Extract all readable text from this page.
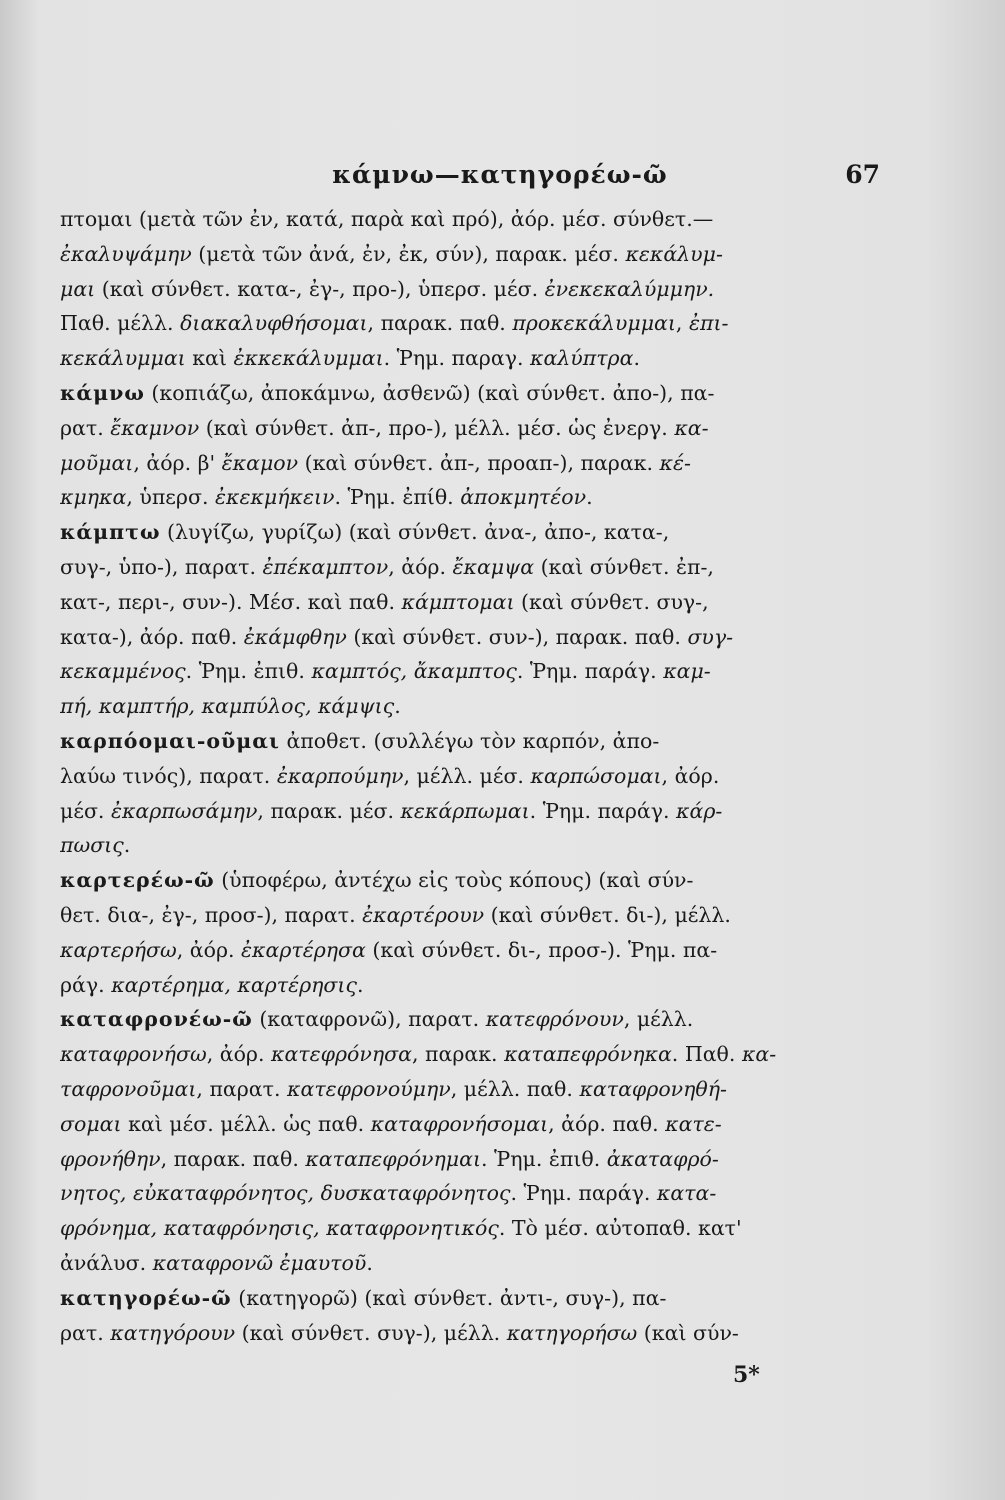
κάμνω—κατηγορέω-ῶ	67
πτομαι (μετὰ τῶν ἐν, κατά, παρὰ καὶ πρό), ἀόρ. μέσ. σύνθετ.—
ἐκαλυψάμην (μετὰ τῶν ἀνά, ἐν, ἐκ, σύν), παρακ. μέσ. κεκάλυμ-
μαι (καὶ σύνθετ. κατα-, ἐγ-, προ-), ὑπερσ. μέσ. ἐνεκεκαλύμμην.
Παθ. μέλλ. διακαλυφθήσομαι, παρακ. παθ. προκεκάλυμμαι, ἐπι-
κεκάλυμμαι καὶ ἐκκεκάλυμμαι. Ῥημ. παραγ. καλύπτρα.
κάμνω (κοπιάζω, ἀποκάμνω, ἀσθενῶ) (καὶ σύνθετ. ἀπο-), πα-
ρατ. ἔκαμνον (καὶ σύνθετ. ἀπ-, προ-), μέλλ. μέσ. ὡς ἐνεργ. κα-
μοῦμαι, ἀόρ. β' ἔκαμον (καὶ σύνθετ. ἀπ-, προαπ-), παρακ. κέ-
κμηκα, ὑπερσ. ἐκεκμήκειν. Ῥημ. ἐπίθ. ἀποκμητέον.
κάμπτω (λυγίζω, γυρίζω) (καὶ σύνθετ. ἀνα-, ἀπο-, κατα-,
συγ-, ὑπο-), παρατ. ἐπέκαμπτον, ἀόρ. ἔκαμψα (καὶ σύνθετ. ἐπ-,
κατ-, περι-, συν-). Μέσ. καὶ παθ. κάμπτομαι (καὶ σύνθετ. συγ-,
κατα-), ἀόρ. παθ. ἐκάμφθην (καὶ σύνθετ. συν-), παρακ. παθ. συγ-
κεκαμμένος. Ῥημ. ἐπιθ. καμπτός, ἄκαμπτος. Ῥημ. παράγ. καμ-
πή, καμπτήρ, καμπύλος, κάμψις.
καρπόομαι-οῦμαι ἀποθετ. (συλλέγω τὸν καρπόν, ἀπο-
λαύω τινός), παρατ. ἐκαρπούμην, μέλλ. μέσ. καρπώσομαι, ἀόρ.
μέσ. ἐκαρπωσάμην, παρακ. μέσ. κεκάρπωμαι. Ῥημ. παράγ. κάρ-
πωσις.
καρτερέω-ῶ (ὑποφέρω, ἀντέχω εἰς τοὺς κόπους) (καὶ σύν-
θετ. δια-, ἐγ-, προσ-), παρατ. ἐκαρτέρουν (καὶ σύνθετ. δι-), μέλλ.
καρτερήσω, ἀόρ. ἐκαρτέρησα (καὶ σύνθετ. δι-, προσ-). Ῥημ. πα-
ράγ. καρτέρημα, καρτέρησις.
καταφρονέω-ῶ (καταφρονῶ), παρατ. κατεφρόνουν, μέλλ.
καταφρονήσω, ἀόρ. κατεφρόνησα, παρακ. καταπεφρόνηκα. Παθ. κα-
ταφρονοῦμαι, παρατ. κατεφρονούμην, μέλλ. παθ. καταφρονηθή-
σομαι καὶ μέσ. μέλλ. ὡς παθ. καταφρονήσομαι, ἀόρ. παθ. κατε-
φρονήθην, παρακ. παθ. καταπεφρόνημαι. Ῥημ. ἐπιθ. ἀκαταφρό-
νητος, εὐκαταφρόνητος, δυσκαταφρόνητος. Ῥημ. παράγ. κατα-
φρόνημα, καταφρόνησις, καταφρονητικός. Τὸ μέσ. αὐτοπαθ. κατ'
ἀνάλυσ. καταφρονῶ ἐμαυτοῦ.
κατηγορέω-ῶ (κατηγορῶ) (καὶ σύνθετ. ἀντι-, συγ-), πα-
ρατ. κατηγόρουν (καὶ σύνθετ. συγ-), μέλλ. κατηγορήσω (καὶ σύν-
5*
